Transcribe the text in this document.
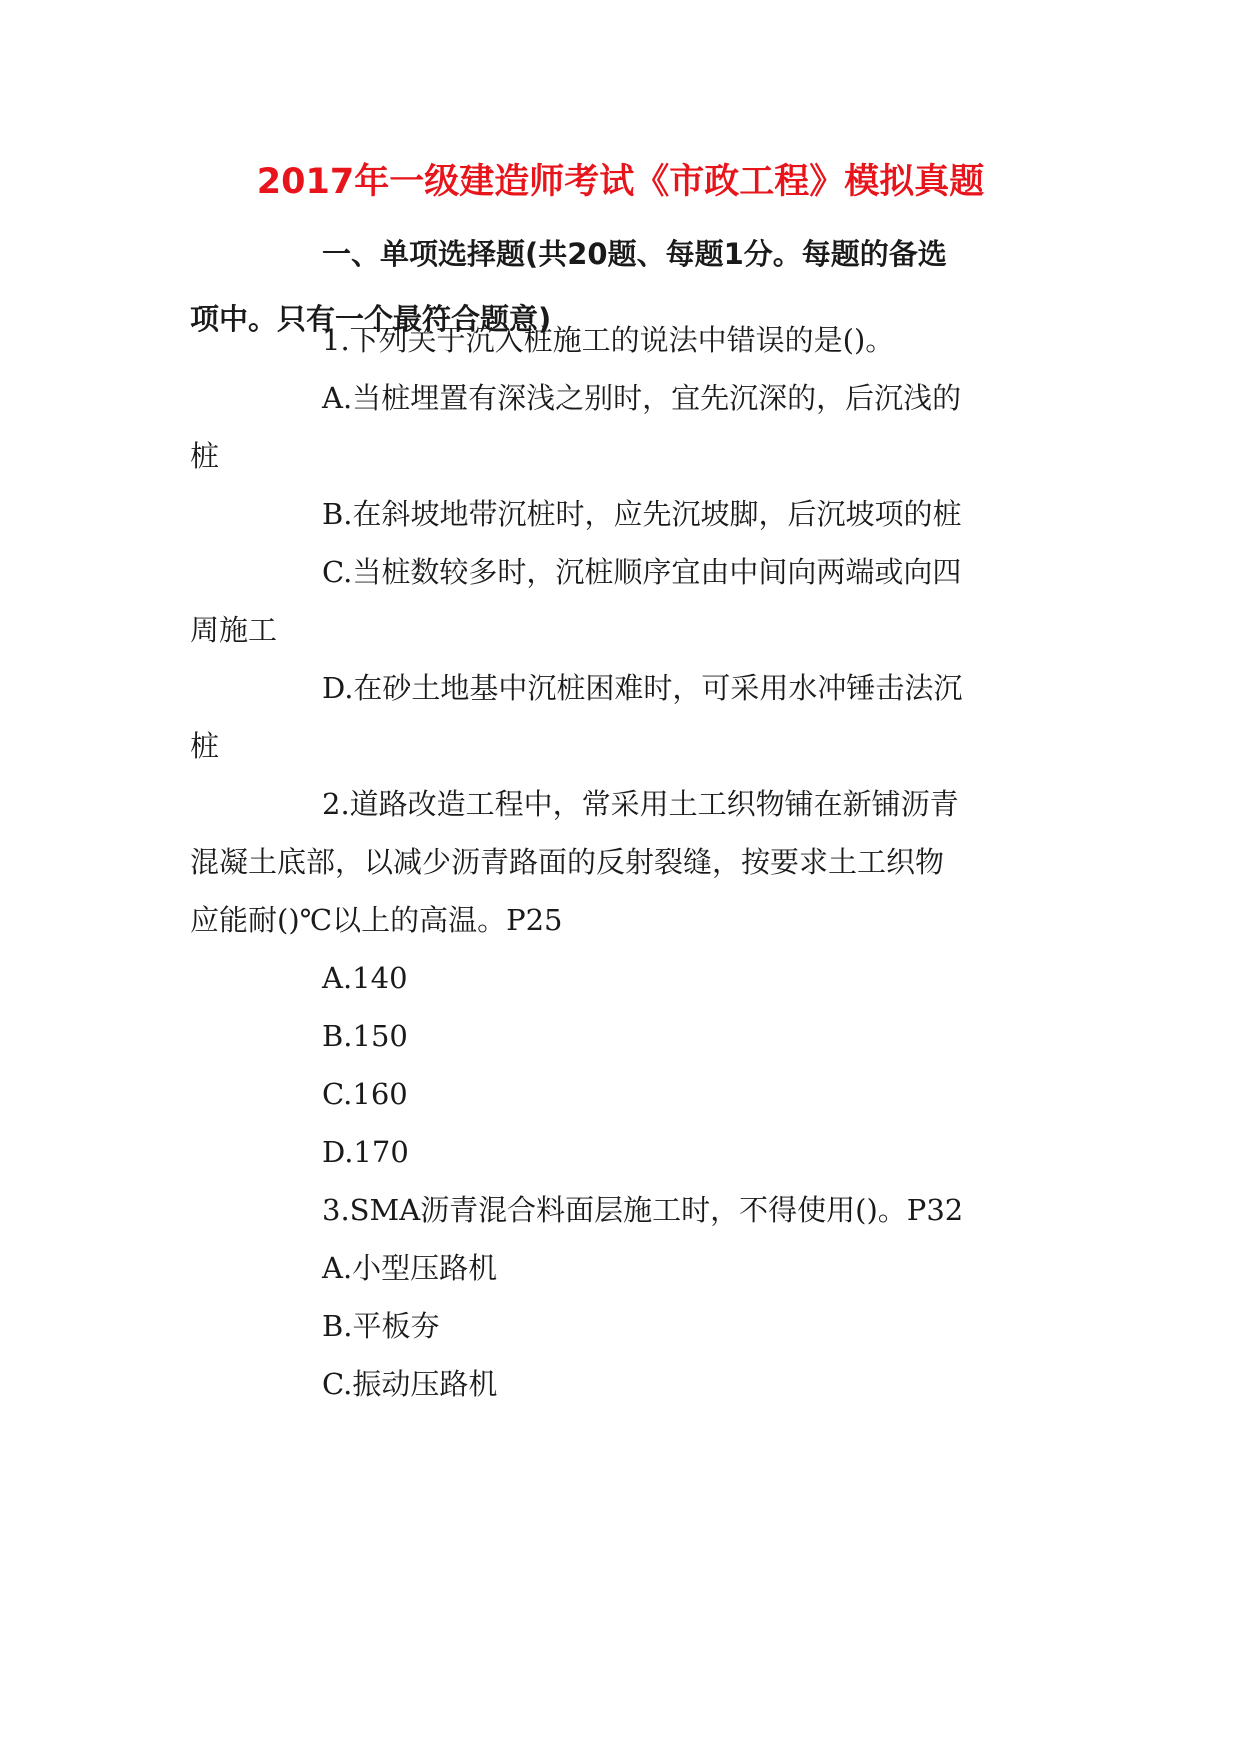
2017年一级建造师考试《市政工程》模拟真题
一、单项选择题(共20题、每题1分。每题的备选
项中。只有一个最符合题意)
1.下列关于沉入桩施工的说法中错误的是()。
A.当桩埋置有深浅之别时，宜先沉深的，后沉浅的
桩
B.在斜坡地带沉桩时，应先沉坡脚，后沉坡项的桩
C.当桩数较多时，沉桩顺序宜由中间向两端或向四
周施工
D.在砂土地基中沉桩困难时，可采用水冲锤击法沉
桩
2.道路改造工程中，常采用土工织物铺在新铺沥青
混凝土底部，以减少沥青路面的反射裂缝，按要求土工织物
应能耐()℃以上的高温。P25
A.140
B.150
C.160
D.170
3.SMA沥青混合料面层施工时，不得使用()。P32
A.小型压路机
B.平板夯
C.振动压路机
